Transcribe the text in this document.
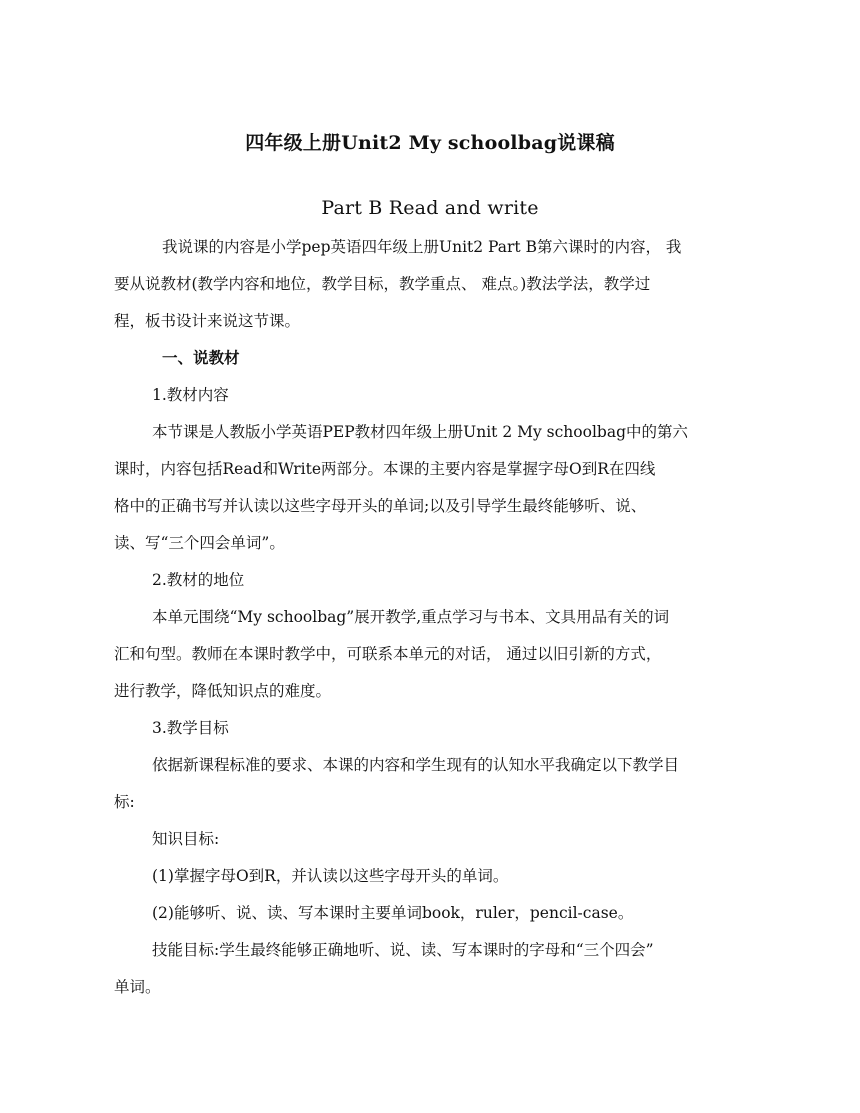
四年级上册Unit2 My schoolbag说课稿
Part B Read and write
我说课的内容是小学pep英语四年级上册Unit2 Part B第六课时的内容， 我
要从说教材(教学内容和地位，教学目标，教学重点、 难点。)教法学法，教学过
程，板书设计来说这节课。
一、说教材
1.教材内容
本节课是人教版小学英语PEP教材四年级上册Unit 2 My schoolbag中的第六
课时，内容包括Read和Write两部分。本课的主要内容是掌握字母O到R在四线
格中的正确书写并认读以这些字母开头的单词;以及引导学生最终能够听、说、
读、写“三个四会单词”。
2.教材的地位
本单元围绕“My schoolbag”展开教学,重点学习与书本、文具用品有关的词
汇和句型。教师在本课时教学中，可联系本单元的对话， 通过以旧引新的方式，
进行教学，降低知识点的难度。
3.教学目标
依据新课程标准的要求、本课的内容和学生现有的认知水平我确定以下教学目
标:
知识目标:
(1)掌握字母O到R，并认读以这些字母开头的单词。
(2)能够听、说、读、写本课时主要单词book，ruler，pencil-case。
技能目标:学生最终能够正确地听、说、读、写本课时的字母和“三个四会”
单词。
